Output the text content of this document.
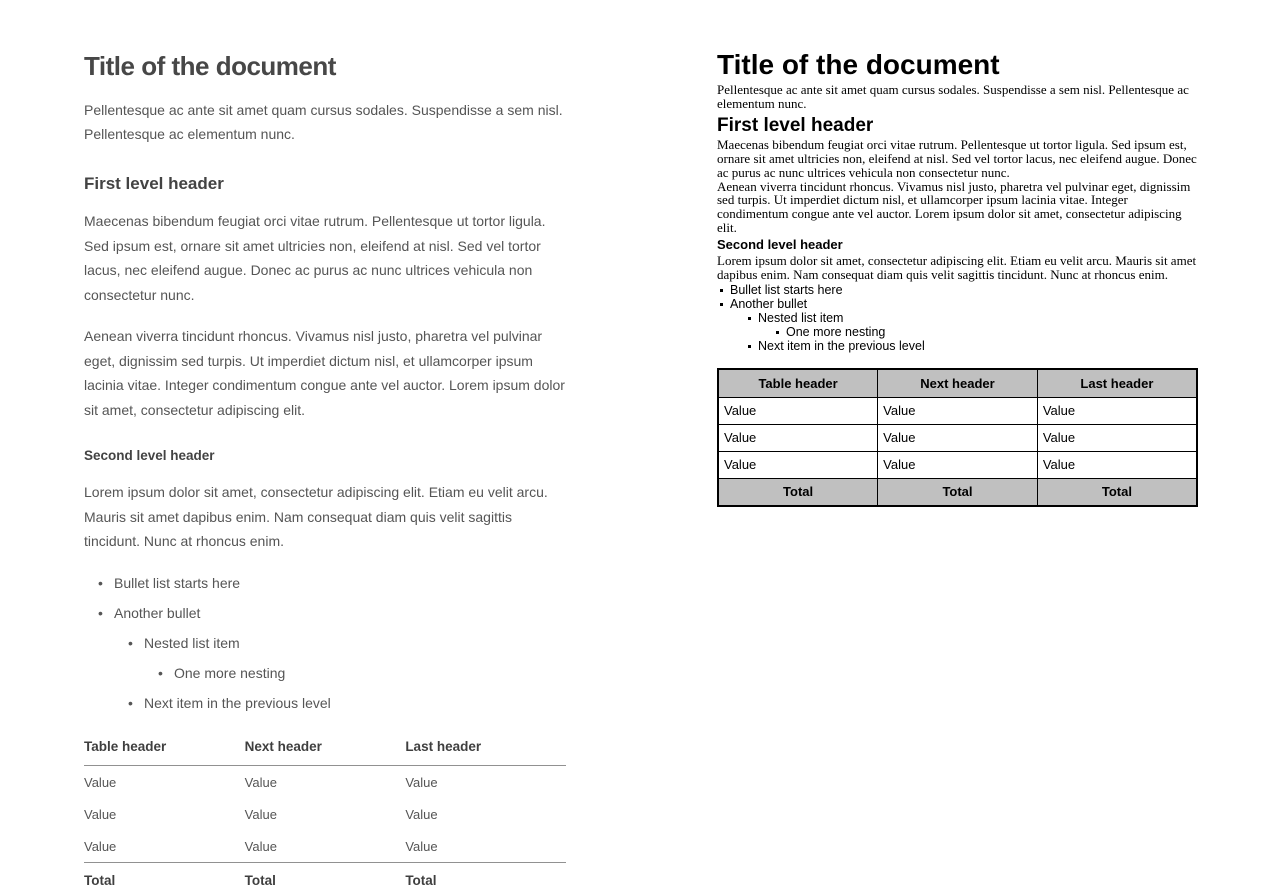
Title of the document

Pellentesque ac ante sit amet quam cursus sodales. Suspendisse a sem nisl. Pellentesque ac elementum nunc.

First level header

Maecenas bibendum feugiat orci vitae rutrum. Pellentesque ut tortor ligula. Sed ipsum est, ornare sit amet ultricies non, eleifend at nisl. Sed vel tortor lacus, nec eleifend augue. Donec ac purus ac nunc ultrices vehicula non consectetur nunc.

Aenean viverra tincidunt rhoncus. Vivamus nisl justo, pharetra vel pulvinar eget, dignissim sed turpis. Ut imperdiet dictum nisl, et ullamcorper ipsum lacinia vitae. Integer condimentum congue ante vel auctor. Lorem ipsum dolor sit amet, consectetur adipiscing elit.

Second level header

Lorem ipsum dolor sit amet, consectetur adipiscing elit. Etiam eu velit arcu. Mauris sit amet dapibus enim. Nam consequat diam quis velit sagittis tincidunt. Nunc at rhoncus enim.

• Bullet list starts here
• Another bullet
• Nested list item
• One more nesting
• Next item in the previous level
Table header	Next header	Last header
Value	Value	Value
Value	Value	Value
Value	Value	Value
Total	Total	Total
Title of the document

Pellentesque ac ante sit amet quam cursus sodales. Suspendisse a sem nisl. Pellentesque ac elementum nunc.

First level header

Maecenas bibendum feugiat orci vitae rutrum. Pellentesque ut tortor ligula. Sed ipsum est, ornare sit amet ultricies non, eleifend at nisl. Sed vel tortor lacus, nec eleifend augue. Donec ac purus ac nunc ultrices vehicula non consectetur nunc.

Aenean viverra tincidunt rhoncus. Vivamus nisl justo, pharetra vel pulvinar eget, dignissim sed turpis. Ut imperdiet dictum nisl, et ullamcorper ipsum lacinia vitae. Integer condimentum congue ante vel auctor. Lorem ipsum dolor sit amet, consectetur adipiscing elit.

Second level header

Lorem ipsum dolor sit amet, consectetur adipiscing elit. Etiam eu velit arcu. Mauris sit amet dapibus enim. Nam consequat diam quis velit sagittis tincidunt. Nunc at rhoncus enim.

Bullet list starts here
Another bullet
Nested list item
One more nesting
Next item in the previous level
Table header	Next header	Last header
Value	Value	Value
Value	Value	Value
Value	Value	Value
Total	Total	Total
